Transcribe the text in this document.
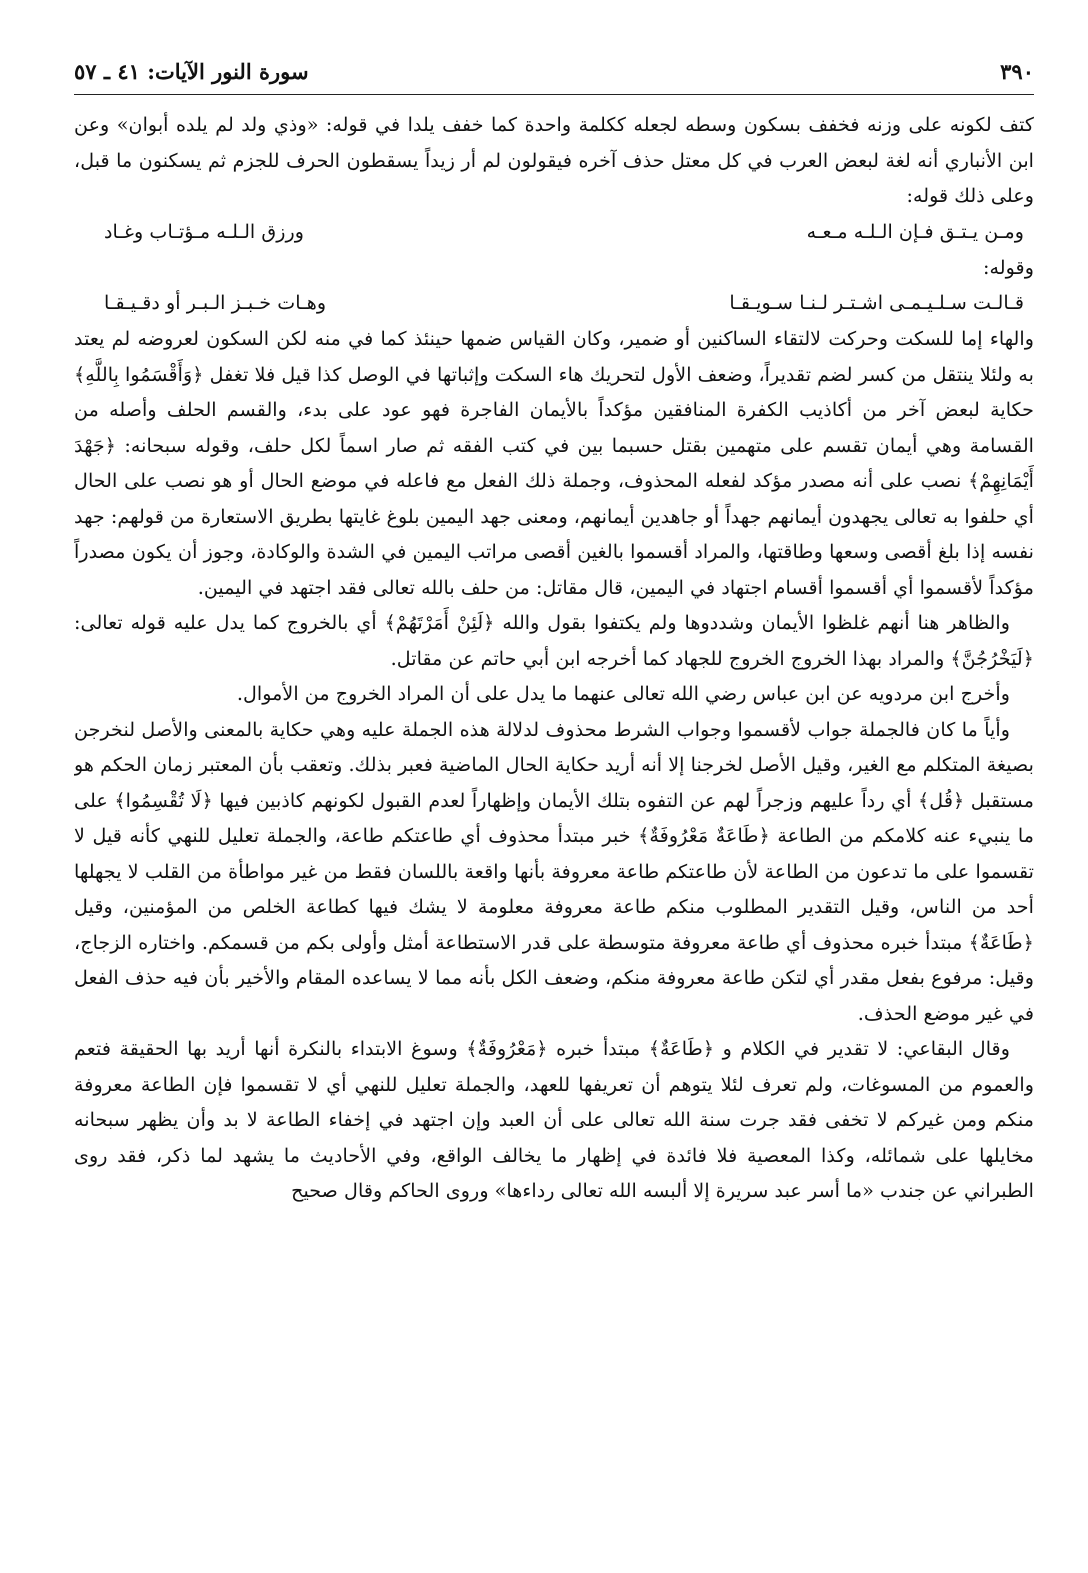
٣٩٠
سورة النور الآيات: ٤١ ـ ٥٧

كتف لكونه على وزنه فخفف بسكون وسطه لجعله ككلمة واحدة كما خفف يلدا في قوله: «وذي ولد لم يلده أبوان» وعن ابن الأنباري أنه لغة لبعض العرب في كل معتل حذف آخره فيقولون لم أر زيداً يسقطون الحرف للجزم ثم يسكنون ما قبل، وعلى ذلك قوله:

ومـن يـتـق فـإن الـلـه مـعـه
ورزق الـلـه مـؤتـاب وغـاد

وقوله:

قـالـت سـلـيـمـى اشـتـر لـنـا سـويـقـا
وهـات خـبـز الـبـر أو دقـيـقـا

والهاء إما للسكت وحركت لالتقاء الساكنين أو ضمير، وكان القياس ضمها حينئذ كما في منه لكن السكون لعروضه لم يعتد به ولئلا ينتقل من كسر لضم تقديراً، وضعف الأول لتحريك هاء السكت وإثباتها في الوصل كذا قيل فلا تغفل ﴿وَأَقْسَمُوا بِاللَّهِ﴾ حكاية لبعض آخر من أكاذيب الكفرة المنافقين مؤكداً بالأيمان الفاجرة فهو عود على بدء، والقسم الحلف وأصله من القسامة وهي أيمان تقسم على متهمين بقتل حسبما بين في كتب الفقه ثم صار اسماً لكل حلف، وقوله سبحانه: ﴿جَهْدَ أَيْمَانِهِمْ﴾ نصب على أنه مصدر مؤكد لفعله المحذوف، وجملة ذلك الفعل مع فاعله في موضع الحال أو هو نصب على الحال أي حلفوا به تعالى يجهدون أيمانهم جهداً أو جاهدين أيمانهم، ومعنى جهد اليمين بلوغ غايتها بطريق الاستعارة من قولهم: جهد نفسه إذا بلغ أقصى وسعها وطاقتها، والمراد أقسموا بالغين أقصى مراتب اليمين في الشدة والوكادة، وجوز أن يكون مصدراً مؤكداً لأقسموا أي أقسموا أقسام اجتهاد في اليمين، قال مقاتل: من حلف بالله تعالى فقد اجتهد في اليمين.

والظاهر هنا أنهم غلظوا الأيمان وشددوها ولم يكتفوا بقول والله ﴿لَئِنْ أَمَرْتَهُمْ﴾ أي بالخروج كما يدل عليه قوله تعالى: ﴿لَيَخْرُجُنَّ﴾ والمراد بهذا الخروج الخروج للجهاد كما أخرجه ابن أبي حاتم عن مقاتل.

وأخرج ابن مردويه عن ابن عباس رضي الله تعالى عنهما ما يدل على أن المراد الخروج من الأموال.

وأياً ما كان فالجملة جواب لأقسموا وجواب الشرط محذوف لدلالة هذه الجملة عليه وهي حكاية بالمعنى والأصل لنخرجن بصيغة المتكلم مع الغير، وقيل الأصل لخرجنا إلا أنه أريد حكاية الحال الماضية فعبر بذلك. وتعقب بأن المعتبر زمان الحكم هو مستقبل ﴿قُل﴾ أي رداً عليهم وزجراً لهم عن التفوه بتلك الأيمان وإظهاراً لعدم القبول لكونهم كاذبين فيها ﴿لَا تُقْسِمُوا﴾ على ما ينبيء عنه كلامكم من الطاعة ﴿طَاعَةٌ مَعْرُوفَةٌ﴾ خبر مبتدأ محذوف أي طاعتكم طاعة، والجملة تعليل للنهي كأنه قيل لا تقسموا على ما تدعون من الطاعة لأن طاعتكم طاعة معروفة بأنها واقعة باللسان فقط من غير مواطأة من القلب لا يجهلها أحد من الناس، وقيل التقدير المطلوب منكم طاعة معروفة معلومة لا يشك فيها كطاعة الخلص من المؤمنين، وقيل ﴿طَاعَةٌ﴾ مبتدأ خبره محذوف أي طاعة معروفة متوسطة على قدر الاستطاعة أمثل وأولى بكم من قسمكم. واختاره الزجاج، وقيل: مرفوع بفعل مقدر أي لتكن طاعة معروفة منكم، وضعف الكل بأنه مما لا يساعده المقام والأخير بأن فيه حذف الفعل في غير موضع الحذف.

وقال البقاعي: لا تقدير في الكلام و ﴿طَاعَةٌ﴾ مبتدأ خبره ﴿مَعْرُوفَةٌ﴾ وسوغ الابتداء بالنكرة أنها أريد بها الحقيقة فتعم والعموم من المسوغات، ولم تعرف لئلا يتوهم أن تعريفها للعهد، والجملة تعليل للنهي أي لا تقسموا فإن الطاعة معروفة منكم ومن غيركم لا تخفى فقد جرت سنة الله تعالى على أن العبد وإن اجتهد في إخفاء الطاعة لا بد وأن يظهر سبحانه مخايلها على شمائله، وكذا المعصية فلا فائدة في إظهار ما يخالف الواقع، وفي الأحاديث ما يشهد لما ذكر، فقد روى الطبراني عن جندب «ما أسر عبد سريرة إلا ألبسه الله تعالى رداءها» وروى الحاكم وقال صحيح
